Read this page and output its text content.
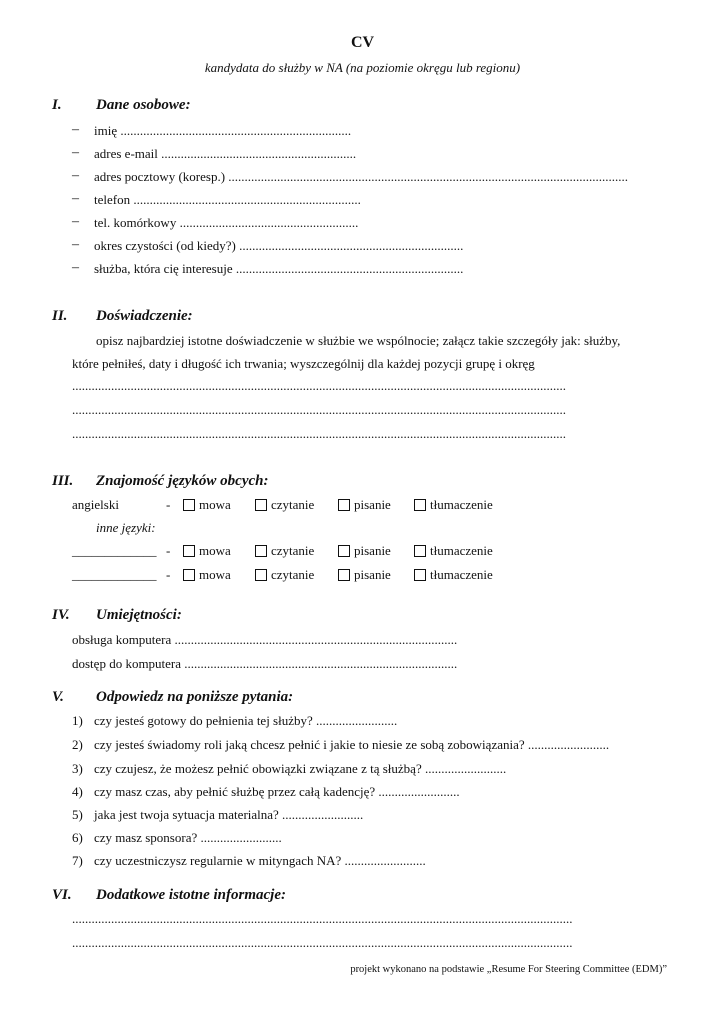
CV
kandydata do służby w NA (na poziomie okręgu lub regionu)
I. Dane osobowe:
– imię .......................................................................
– adres e-mail ............................................................
– adres pocztowy (koresp.) ...........................................................................................................................
– telefon ......................................................................
– tel. komórkowy .......................................................
– okres czystości (od kiedy?) .....................................................................
– służba, która cię interesuje ......................................................................
II. Doświadczenie:
opisz najbardziej istotne doświadczenie w służbie we wspólnocie; załącz takie szczegóły jak: służby,
które pełniłeś, daty i długość ich trwania; wyszczególnij dla każdej pozycji grupę i okręg
........................................................................................................................................................
........................................................................................................................................................
........................................................................................................................................................
III. Znajomość języków obcych:
angielski	-	mowa	czytanie	pisanie	tłumaczenie
inne języki:
_____________ -	mowa	czytanie	pisanie	tłumaczenie
_____________ -	mowa	czytanie	pisanie	tłumaczenie
IV. Umiejętności:
obsługa komputera .......................................................................................
dostęp do komputera ....................................................................................
V. Odpowiedz na poniższe pytania:
1) czy jesteś gotowy do pełnienia tej służby? .........................
2) czy jesteś świadomy roli jaką chcesz pełnić i jakie to niesie ze sobą zobowiązania? .........................
3) czy czujesz, że możesz pełnić obowiązki związane z tą służbą? .........................
4) czy masz czas, aby pełnić służbę przez całą kadencję? .........................
5) jaka jest twoja sytuacja materialna? .........................
6) czy masz sponsora? .........................
7) czy uczestniczysz regularnie w mityngach NA? .........................
VI. Dodatkowe istotne informacje:
..........................................................................................................................................................
..........................................................................................................................................................
projekt wykonano na podstawie „Resume For Steering Committee (EDM)”
